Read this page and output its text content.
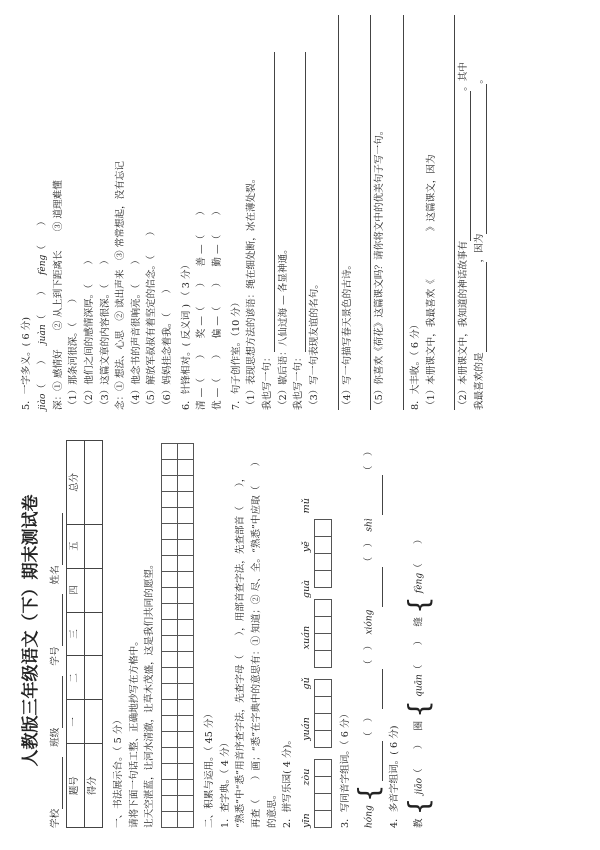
人教版三年级语文（下）期末测试卷
学校
班级
学号
姓名
题号	一	二	三	四	五	总分
得分						一、书法展示台。（ 5 分） 请将下面一句话工整、正确地抄写在方格中。 让天空湛蓝，让河水清澈，让草木茂盛，这是我们共同的愿望。

																								二、积累与运用。（ 45 分） 1．查字典。（ 4 分） “熟悉”中“悉”用音序查字法，先查字母（　　），用部首查字法，先查部首（　　）， 再查（　　）画；“悉”在字典中的意思有：① 知道；② 尽、全。“熟悉”中应取（　　） 的意思。 2．拼写乐园( 4 分)。 yīn
zòu
yuán
gǔ
xuán
guà
yě
mǔ
3．写同音字组词。（ 6 分）	hóng { （　） （　）  xióng （　）  shì （　）
4．多音字组词。( 6 分)	教 { jiāo（　　）   圈 { quān（　　）   缝 { fèng（　　）
5．一字多义。( 6 分) jiào（　　） juàn（　　） fèng（　　） 深：① 感情好　　② 从上到下距离长　　③ 道理难懂 （1）那条河很深。（　　） （2）他们之间的感情深厚。（　　）
（3）这篇文章的内容很深。（　　） 念：① 想法、心思　② 读出声来　③ 常常想起，没有忘记 （4）他念书的声音很响亮。（　　） （5）解放军叔叔有着坚定的信念。（　　）
（6）妈妈挂念着我。（　　） 6．针锋相对。( 反义词 ) （ 3 分） 清 —（　　） 奖 —（　　） 善 —（　　）
优 —（　　） 偏 —（　　） 勤 —（　　）
7．句子创作室。（10 分） （1）表现思想方法的谚语：绳在细处断，冰在薄处裂。 我也写一句： （2）歇后语：八仙过海 — 各显神通。 我也写一句： （3）写一句表现友谊的名句。 （4）写一句描写春天景色的古诗。 （5）你喜欢《荷花》这篇课文吗？请你将文中的优美句子写一句。	8．大丰收。（ 6 分） （1）本册课文中，我最喜欢《　　　　　》这篇课文，因为 （2）本册课文中，我知道的神话故事有。其中
我最喜欢的是，因为。
